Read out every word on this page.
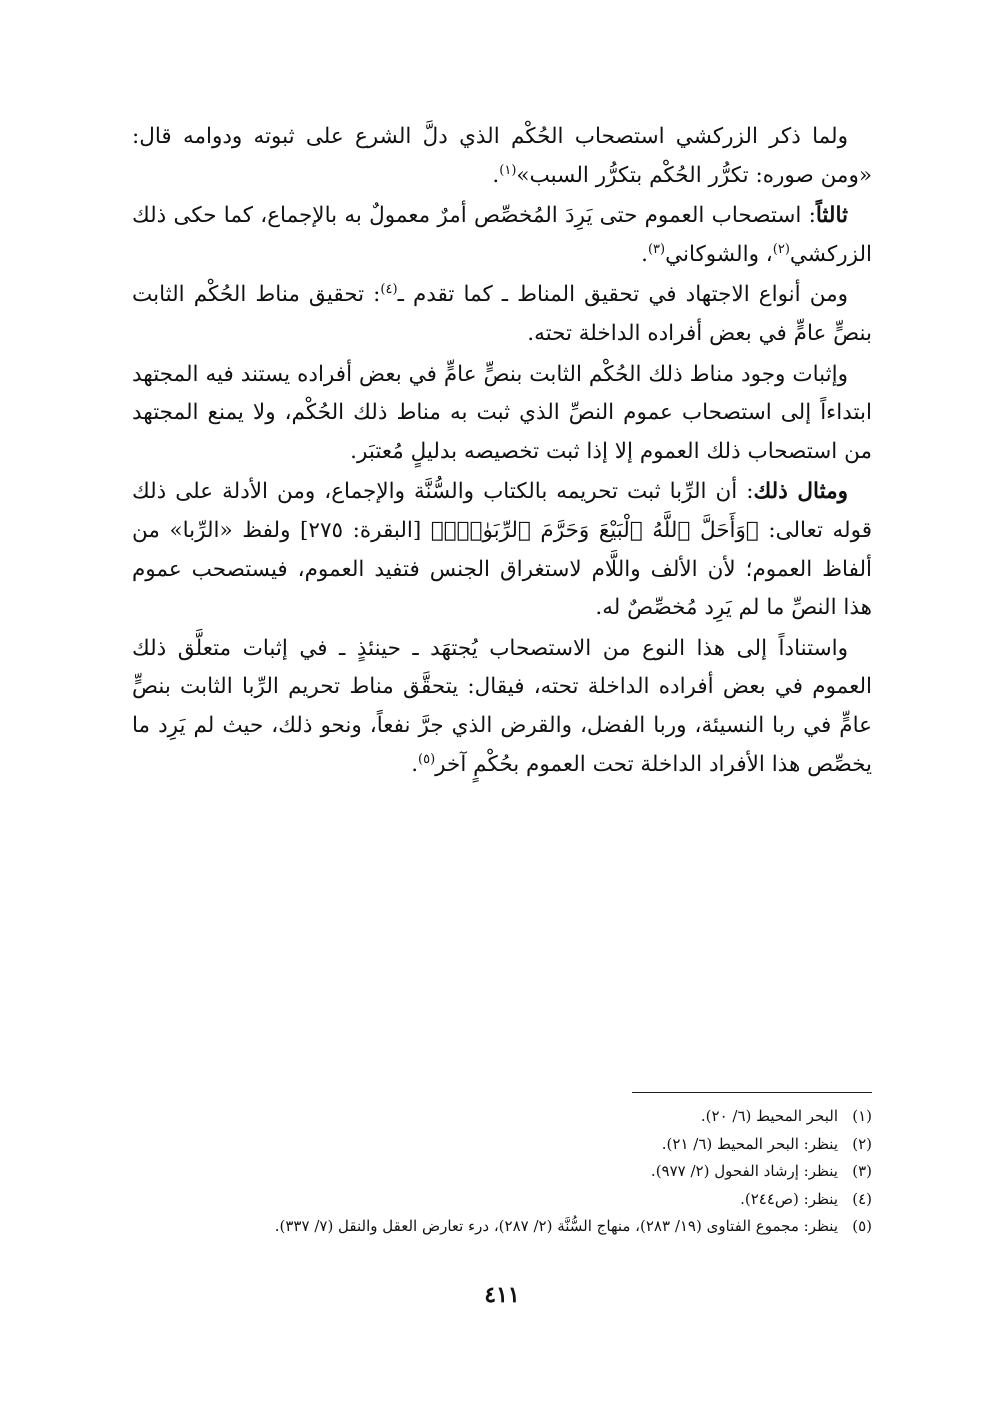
ولما ذكر الزركشي استصحاب الحُكْم الذي دلَّ الشرع على ثبوته ودوامه قال: «ومن صوره: تكرُّر الحُكْم بتكرُّر السبب»$^{(١)}$.

ثالثاً: استصحاب العموم حتى يَرِدَ المُخصِّص أمرٌ معمولٌ به بالإجماع، كما حكى ذلك الزركشي$^{(٢)}$، والشوكاني$^{(٣)}$.

ومن أنواع الاجتهاد في تحقيق المناط ـ كما تقدم ـ$^{(٤)}$: تحقيق مناط الحُكْم الثابت بنصٍّ عامٍّ في بعض أفراده الداخلة تحته.

وإثبات وجود مناط ذلك الحُكْم الثابت بنصٍّ عامٍّ في بعض أفراده يستند فيه المجتهد ابتداءاً إلى استصحاب عموم النصِّ الذي ثبت به مناط ذلك الحُكْم، ولا يمنع المجتهد من استصحاب ذلك العموم إلا إذا ثبت تخصيصه بدليلٍ مُعتبَر.

ومثال ذلك: أن الرِّبا ثبت تحريمه بالكتاب والسُّنَّة والإجماع، ومن الأدلة على ذلك قوله تعالى: ﴿وَأَحَلَّ ٱللَّهُ ٱلْبَيْعَ وَحَرَّمَ ٱلرِّبَوٰاْۚ﴾ [البقرة: ٢٧٥] ولفظ «الرِّبا» من ألفاظ العموم؛ لأن الألف واللَّام لاستغراق الجنس فتفيد العموم، فيستصحب عموم هذا النصِّ ما لم يَرِد مُخصِّصٌ له.

واستناداً إلى هذا النوع من الاستصحاب يُجتهَد ـ حينئذٍ ـ في إثبات متعلَّق ذلك العموم في بعض أفراده الداخلة تحته، فيقال: يتحقَّق مناط تحريم الرِّبا الثابت بنصٍّ عامٍّ في ربا النسيئة، وربا الفضل، والقرض الذي جرَّ نفعاً، ونحو ذلك، حيث لم يَرِد ما يخصِّص هذا الأفراد الداخلة تحت العموم بحُكْمٍ آخر$^{(٥)}$.

(١)
البحر المحيط (٦/ ٢٠).
(٢)
ينظر: البحر المحيط (٦/ ٢١).
(٣)
ينظر: إرشاد الفحول (٢/ ٩٧٧).
(٤)
ينظر: (ص٢٤٤).
(٥)
ينظر: مجموع الفتاوى (١٩/ ٢٨٣)، منهاج السُّنَّة (٢/ ٢٨٧)، درء تعارض العقل والنقل (٧/ ٣٣٧).
٤١١
